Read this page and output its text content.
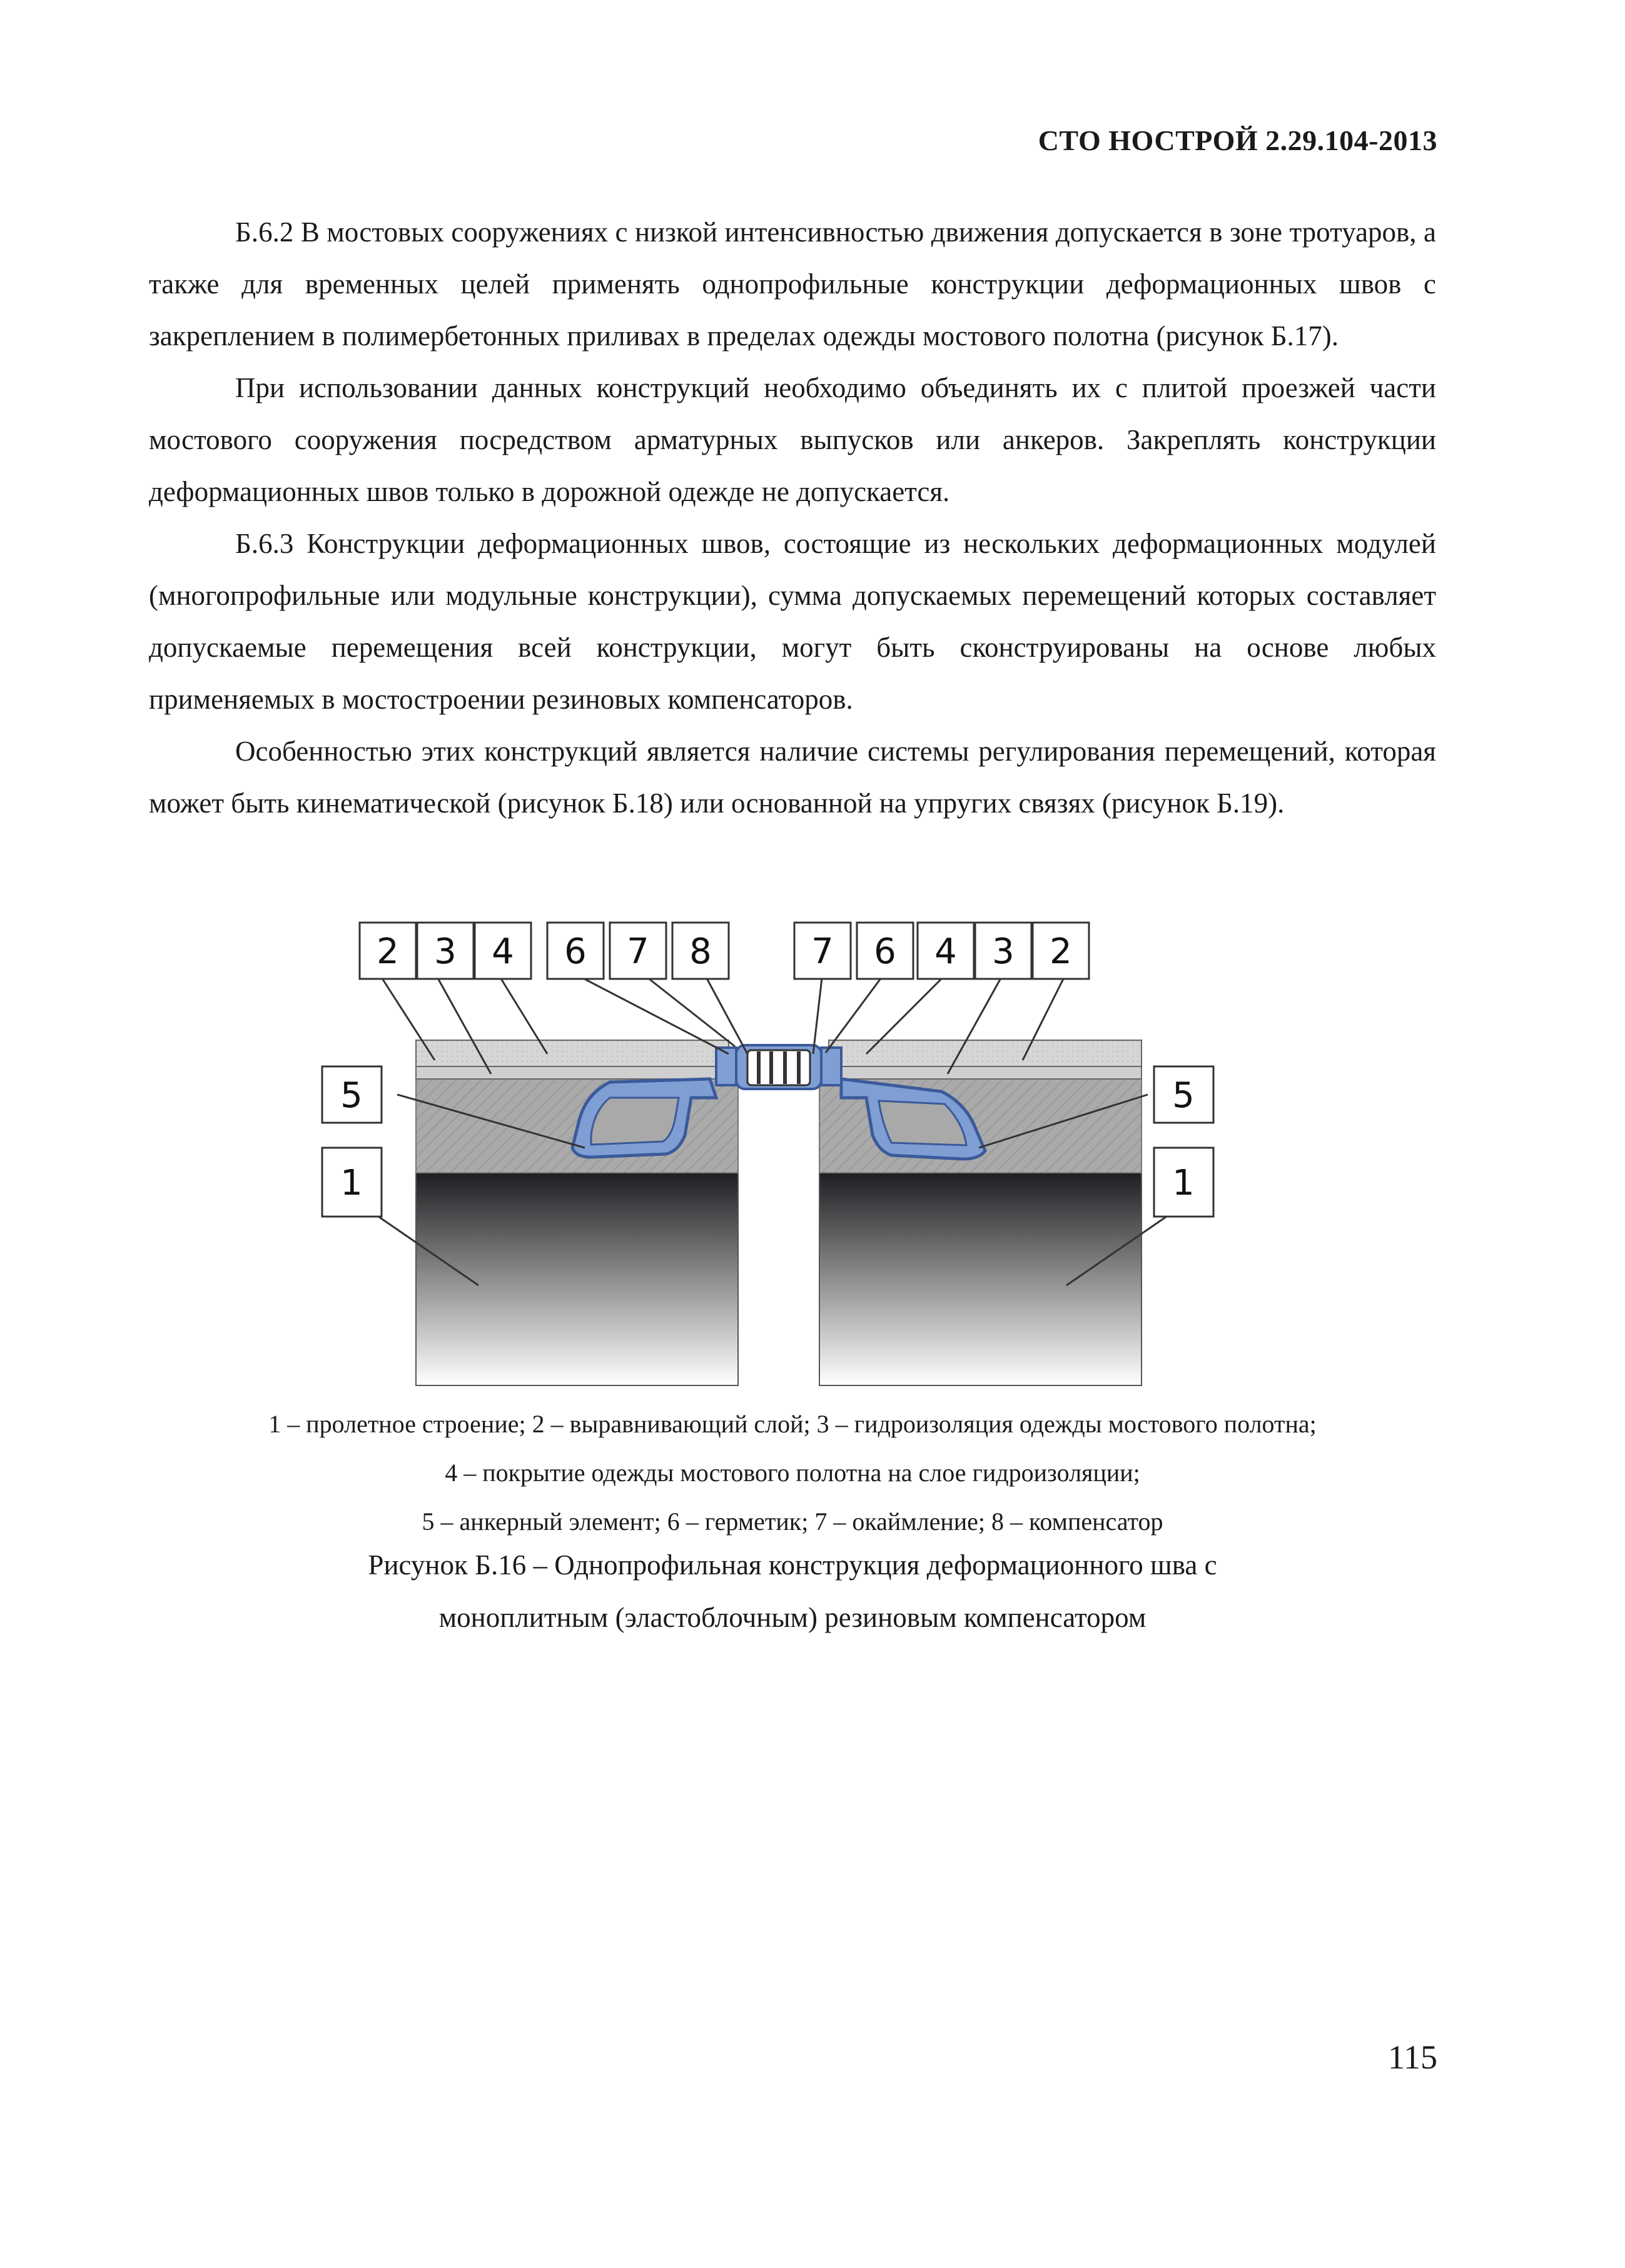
СТО НОСТРОЙ 2.29.104-2013

Б.6.2 В мостовых сооружениях с низкой интенсивностью движения допускается в зоне тротуаров, а также для временных целей применять однопрофильные конструкции деформационных швов с закреплением в полимербетонных приливах в пределах одежды мостового полотна (рисунок Б.17).

При использовании данных конструкций необходимо объединять их с плитой проезжей части мостового сооружения посредством арматурных выпусков или анкеров. Закреплять конструкции деформационных швов только в дорожной одежде не допускается.

Б.6.3 Конструкции деформационных швов, состоящие из нескольких деформационных модулей (многопрофильные или модульные конструкции), сумма допускаемых перемещений которых составляет допускаемые перемещения всей конструкции, могут быть сконструированы на основе любых применяемых в мостостроении резиновых компенсаторов.

Особенностью этих конструкций является наличие системы регулирования перемещений, которая может быть кинематической (рисунок Б.18) или основанной на упругих связях (рисунок Б.19).

2 3 4 6 7 8	7 6 4 3 2
5	5
1	1
1 – пролетное строение; 2 – выравнивающий слой; 3 – гидроизоляция одежды мостового полотна;
4 – покрытие одежды мостового полотна на слое гидроизоляции;
5 – анкерный элемент; 6 – герметик; 7 – окаймление; 8 – компенсатор
Рисунок Б.16 – Однопрофильная конструкция деформационного шва с
моноплитным (эластоблочным) резиновым компенсатором
115
